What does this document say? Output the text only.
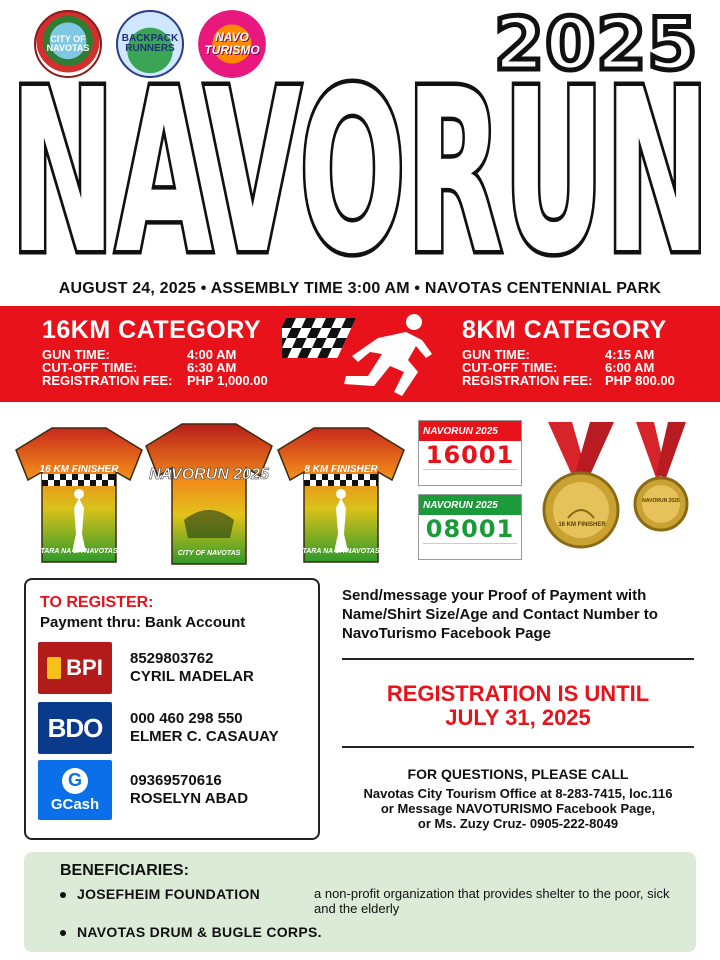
CITY OF NAVOTAS
BACKPACK RUNNERS
NAVO TURISMO	2025
NAVORUN
AUGUST 24, 2025 • ASSEMBLY TIME 3:00 AM • NAVOTAS CENTENNIAL PARK
16KM CATEGORY
GUN TIME:	4:00 AM
CUT-OFF TIME:	6:30 AM
REGISTRATION FEE: PHP 1,000.00
8KM CATEGORY
GUN TIME:	4:15 AM
CUT-OFF TIME:	6:00 AM
REGISTRATION FEE: PHP 800.00
16 KM FINISHER
TARA NA SA NAVOTAS
NAVORUN 2025
CITY OF NAVOTAS
8 KM FINISHER
TARA NA SA NAVOTAS
NAVORUN 2025
16001
NAVORUN 2025
08001	16 KM FINISHER
NAVORUN 2025
TO REGISTER:
Payment thru: Bank Account
BPI 8529803762
CYRIL MADELAR
BDO 000 460 298 550
ELMER C. CASAUAY
G
GCash
09369570616
ROSELYN ABAD
Send/message your Proof of Payment with Name/Shirt Size/Age and Contact Number to NavoTurismo Facebook Page
REGISTRATION IS UNTIL
JULY 31, 2025
FOR QUESTIONS, PLEASE CALL
Navotas City Tourism Office at 8-283-7415, loc.116
or Message NAVOTURISMO Facebook Page,
or Ms. Zuzy Cruz- 0905-222-8049
BENEFICIARIES:
JOSEFHEIM FOUNDATION	a non-profit organization that provides shelter to the poor, sick and the elderly
NAVOTAS DRUM & BUGLE CORPS.
